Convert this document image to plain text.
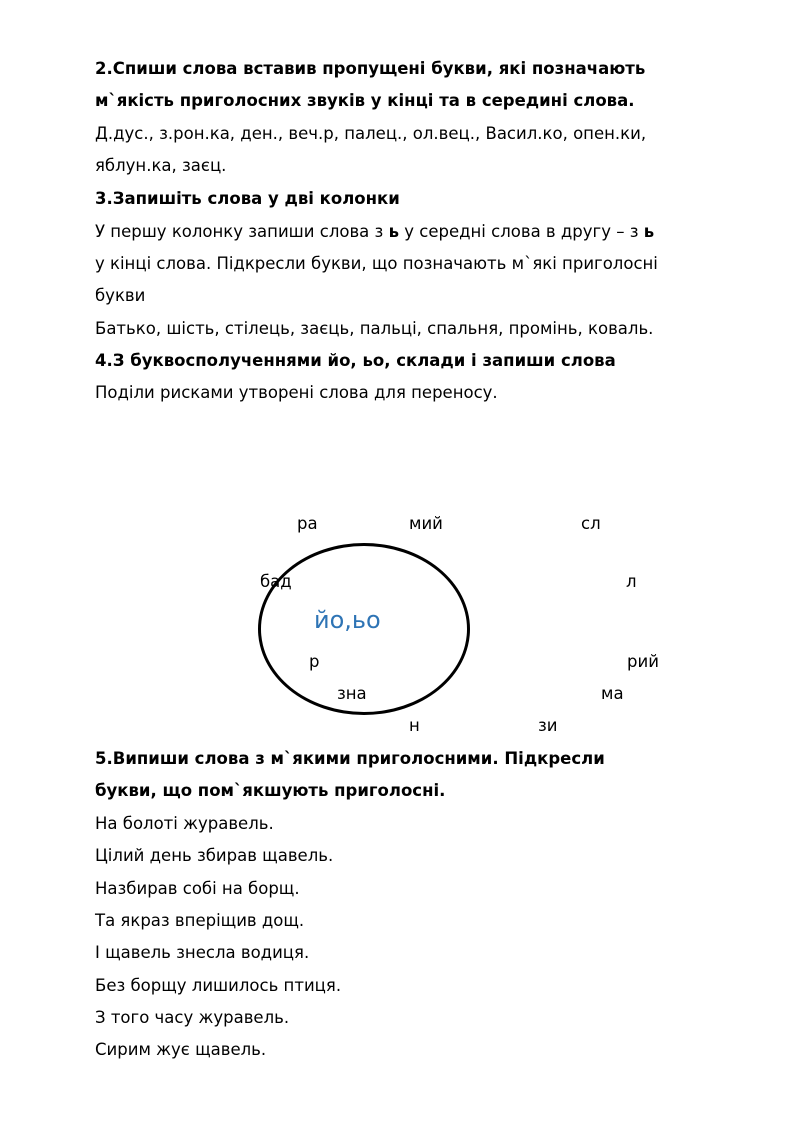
2.Спиши слова вставив пропущені букви, які позначають
м`якість приголосних звуків у кінці та в середині слова.
Д.дус., з.рон.ка, ден., веч.р, палец., ол.вец., Васил.ко, опен.ки,
яблун.ка, заєц.
3.Запишіть слова у дві колонки
У першу колонку запиши слова з ь у середні слова в другу – з ь
у кінці слова. Підкресли букви, що позначають м`які приголосні
букви
Батько, шість, стілець, заєць, пальці, спальня, промінь, коваль.
4.З буквосполученнями йо, ьо, склади і запиши слова
Поділи рисками утворені слова для переносу.
йо,ьо
ра	мий	сл
бад	л
р	рий
зна	ма
н	зи
5.Випиши слова з м`якими приголосними. Підкресли
букви, що пом`якшують приголосні.
На болоті журавель.
Цілий день збирав щавель.
Назбирав собі на борщ.
Та якраз вперіщив дощ.
І щавель знесла водиця.
Без борщу лишилось птиця.
З того часу журавель.
Сирим жує щавель.
